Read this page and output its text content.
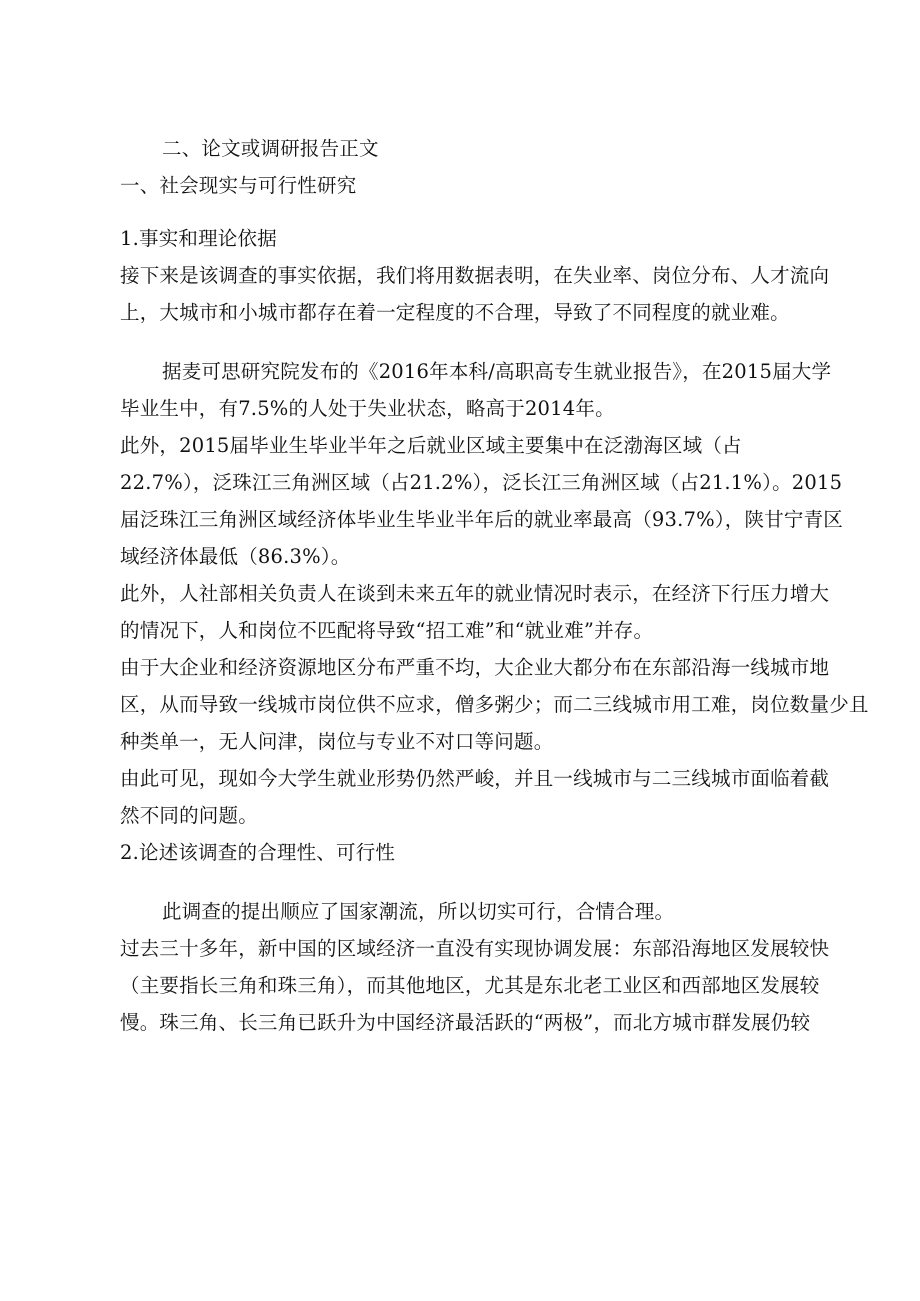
二、论文或调研报告正文
一、社会现实与可行性研究
1.事实和理论依据
接下来是该调查的事实依据，我们将用数据表明，在失业率、岗位分布、人才流向
上，大城市和小城市都存在着一定程度的不合理，导致了不同程度的就业难。
据麦可思研究院发布的《2016年本科/高职高专生就业报告》，在2015届大学
毕业生中，有7.5%的人处于失业状态，略高于2014年。
此外，2015届毕业生毕业半年之后就业区域主要集中在泛渤海区域（占
22.7%），泛珠江三角洲区域（占21.2%），泛长江三角洲区域（占21.1%）。2015
届泛珠江三角洲区域经济体毕业生毕业半年后的就业率最高（93.7%），陕甘宁青区
域经济体最低（86.3%）。
此外，人社部相关负责人在谈到未来五年的就业情况时表示，在经济下行压力增大
的情况下，人和岗位不匹配将导致“招工难”和“就业难”并存。
由于大企业和经济资源地区分布严重不均，大企业大都分布在东部沿海一线城市地
区，从而导致一线城市岗位供不应求，僧多粥少；而二三线城市用工难，岗位数量少且
种类单一，无人问津，岗位与专业不对口等问题。
由此可见，现如今大学生就业形势仍然严峻，并且一线城市与二三线城市面临着截
然不同的问题。
2.论述该调查的合理性、可行性
此调查的提出顺应了国家潮流，所以切实可行，合情合理。
过去三十多年，新中国的区域经济一直没有实现协调发展：东部沿海地区发展较快
（主要指长三角和珠三角），而其他地区，尤其是东北老工业区和西部地区发展较
慢。珠三角、长三角已跃升为中国经济最活跃的“两极”，而北方城市群发展仍较
